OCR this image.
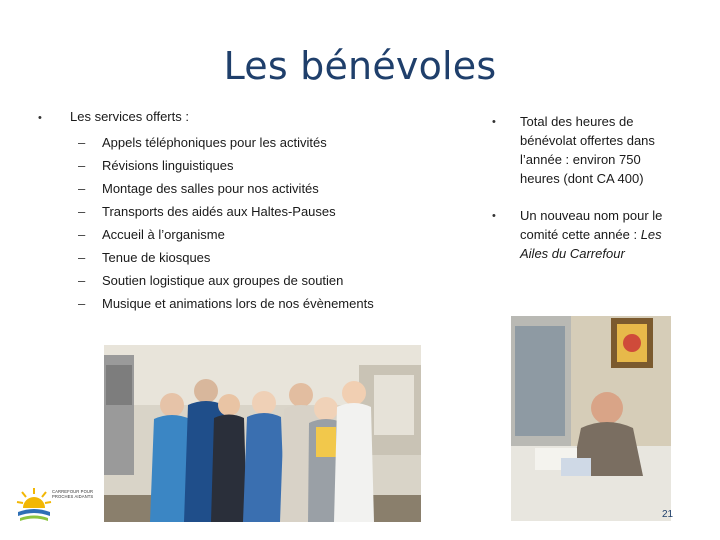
Les bénévoles
•	Les services offerts :
–	Appels téléphoniques pour les activités
–	Révisions linguistiques
–	Montage des salles pour nos activités
–	Transports des aidés aux Haltes-Pauses
–	Accueil à l’organisme
–	Tenue de kiosques
–	Soutien logistique aux groupes de soutien
–	Musique et animations lors de nos évènements
•	Total des heures de bénévolat offertes dans l’année : environ 750 heures (dont CA 400)
•	Un nouveau nom pour le comité cette année : Les Ailes du Carrefour
CARREFOUR POUR PROCHES AIDANTS
21
